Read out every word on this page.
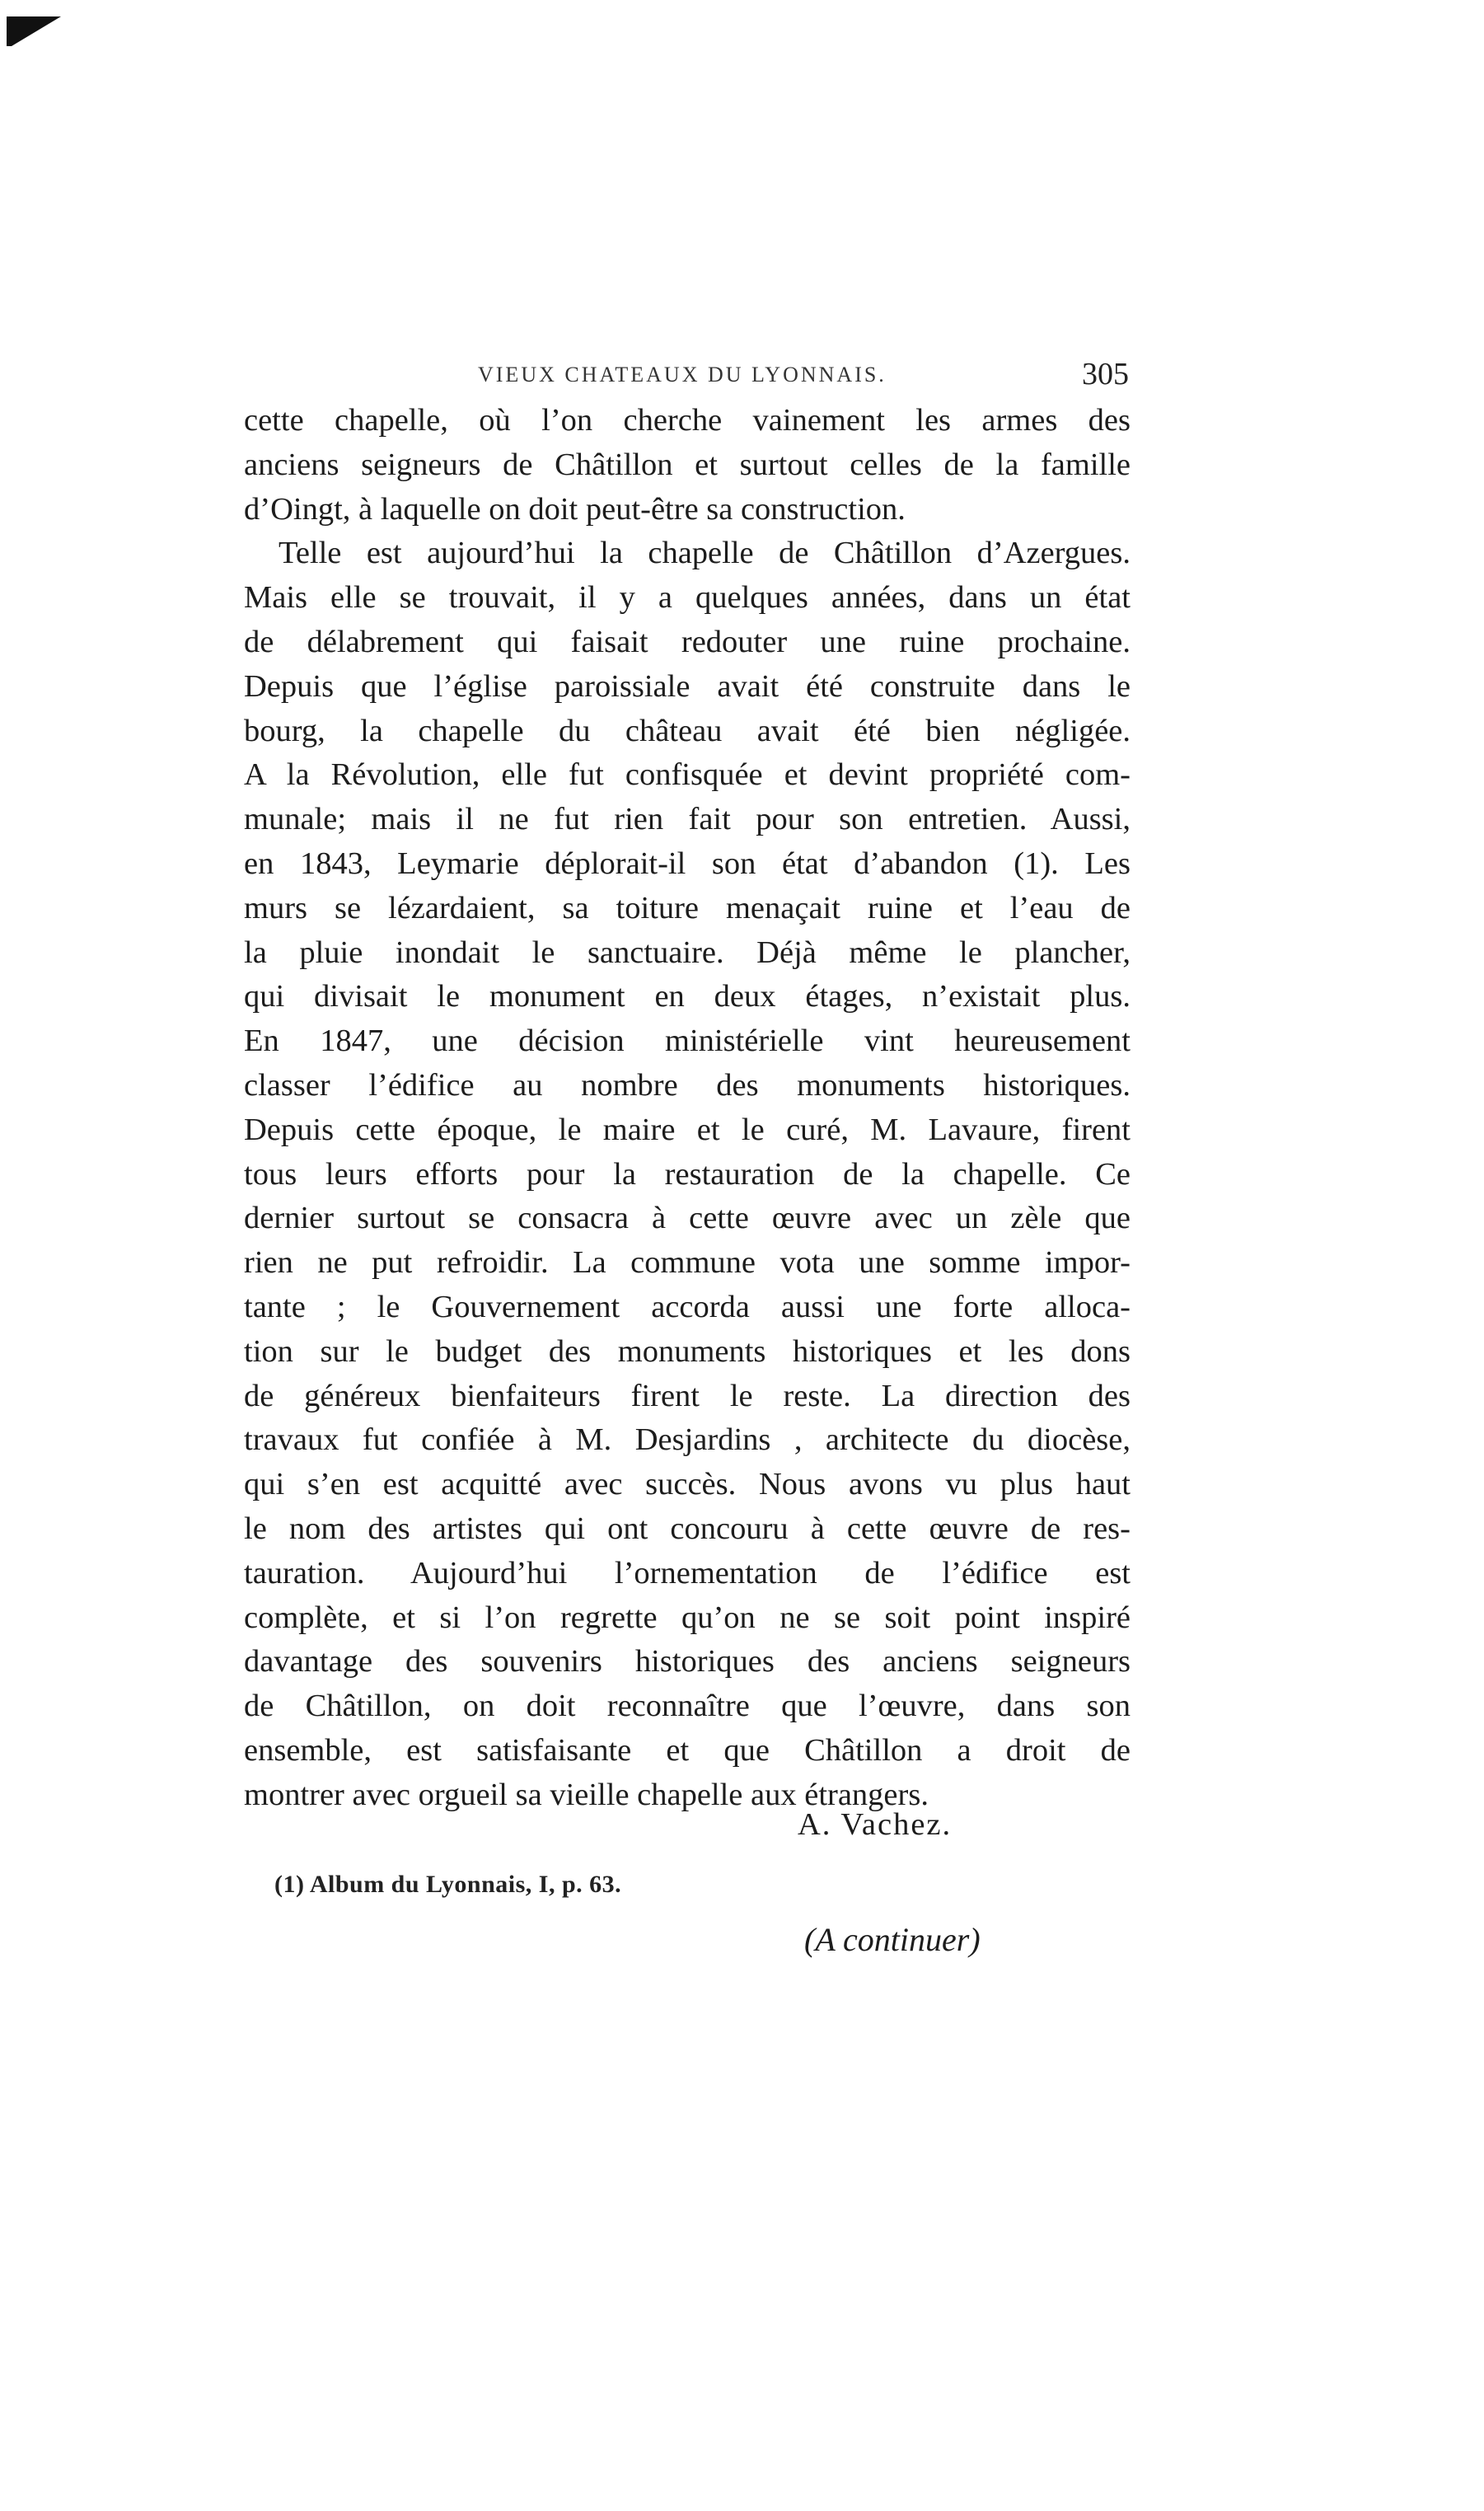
VIEUX CHATEAUX DU LYONNAIS.	305
cette chapelle, où l’on cherche vainement les armes des
anciens seigneurs de Châtillon et surtout celles de la famille
d’Oingt, à laquelle on doit peut-être sa construction.
Telle est aujourd’hui la chapelle de Châtillon d’Azergues.
Mais elle se trouvait, il y a quelques années, dans un état
de délabrement qui faisait redouter une ruine prochaine.
Depuis que l’église paroissiale avait été construite dans le
bourg, la chapelle du château avait été bien négligée.
A la Révolution, elle fut confisquée et devint propriété com-
munale; mais il ne fut rien fait pour son entretien. Aussi,
en 1843, Leymarie déplorait-il son état d’abandon (1). Les
murs se lézardaient, sa toiture menaçait ruine et l’eau de
la pluie inondait le sanctuaire. Déjà même le plancher,
qui divisait le monument en deux étages, n’existait plus.
En 1847, une décision ministérielle vint heureusement
classer l’édifice au nombre des monuments historiques.
Depuis cette époque, le maire et le curé, M. Lavaure, firent
tous leurs efforts pour la restauration de la chapelle. Ce
dernier surtout se consacra à cette œuvre avec un zèle que
rien ne put refroidir. La commune vota une somme impor-
tante ; le Gouvernement accorda aussi une forte alloca-
tion sur le budget des monuments historiques et les dons
de généreux bienfaiteurs firent le reste. La direction des
travaux fut confiée à M. Desjardins , architecte du diocèse,
qui s’en est acquitté avec succès. Nous avons vu plus haut
le nom des artistes qui ont concouru à cette œuvre de res-
tauration. Aujourd’hui l’ornementation de l’édifice est
complète, et si l’on regrette qu’on ne se soit point inspiré
davantage des souvenirs historiques des anciens seigneurs
de Châtillon, on doit reconnaître que l’œuvre, dans son
ensemble, est satisfaisante et que Châtillon a droit de
montrer avec orgueil sa vieille chapelle aux étrangers.
A. Vachez.
(1) Album du Lyonnais, I, p. 63.
(A continuer)
